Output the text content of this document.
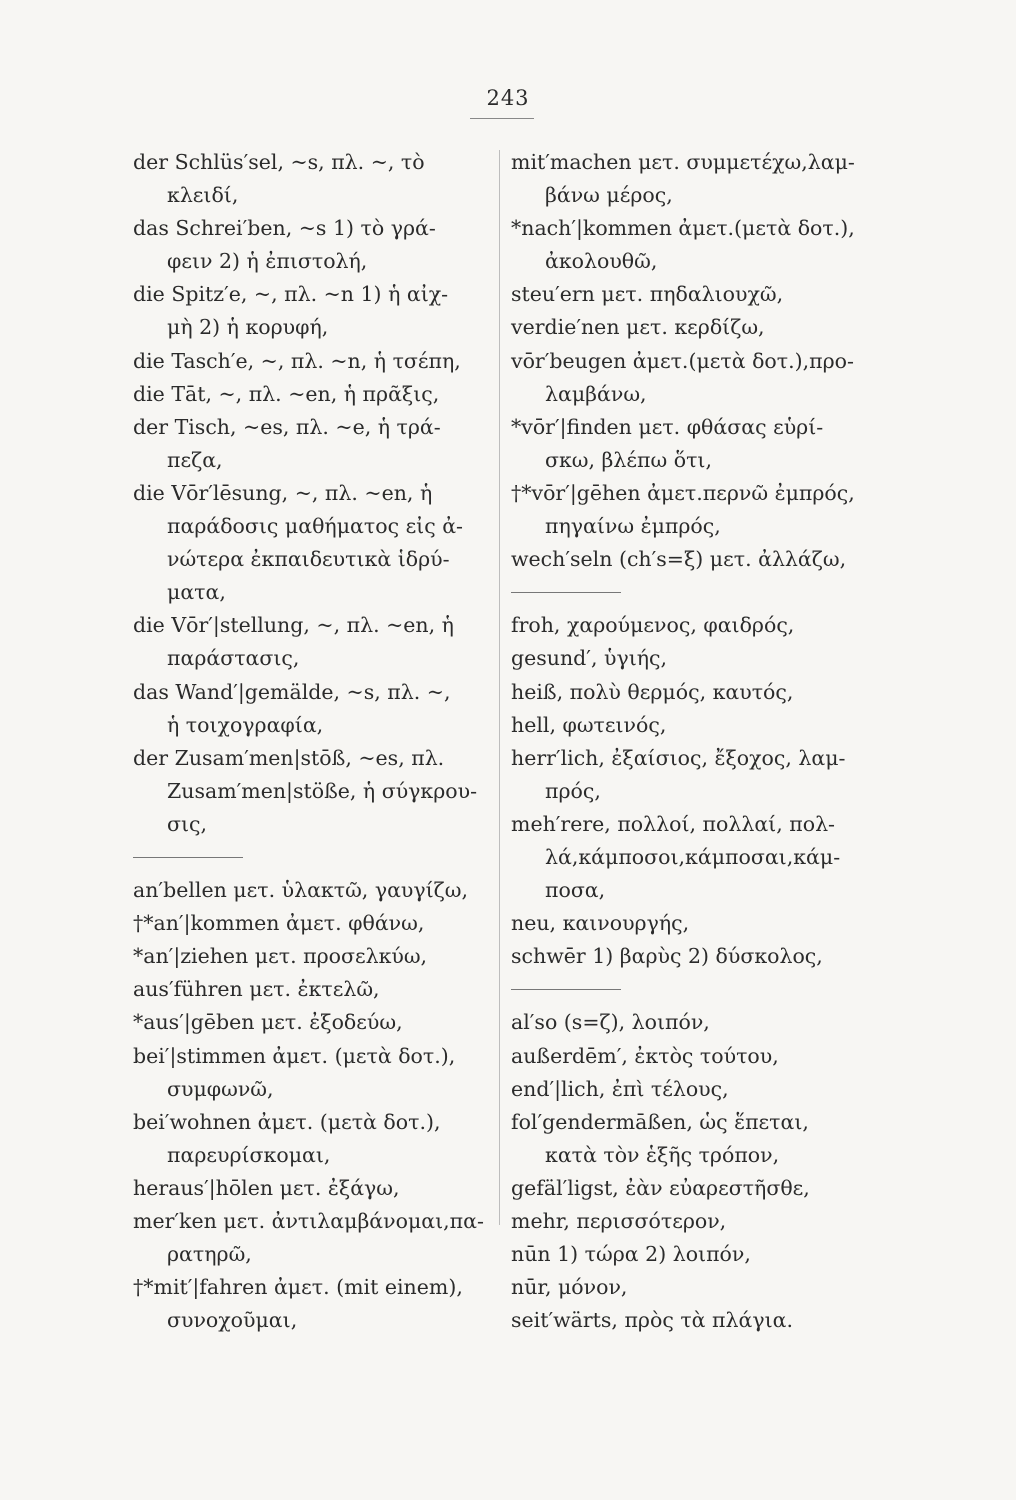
243
der Schlüs′sel, ~s, πλ. ~, τὸ
κλειδί,
das Schrei′ben, ~s 1) τὸ γρά-
φειν 2) ἡ ἐπιστολή,
die Spitz′e, ~, πλ. ~n 1) ἡ αἰχ-
μὴ 2) ἡ κορυφή,
die Tasch′e, ~, πλ. ~n, ἡ τσέπη,
die Tāt, ~, πλ. ~en, ἡ πρᾶξις,
der Tisch, ~es, πλ. ~e, ἡ τρά-
πεζα,
die Vōr′lēsung, ~, πλ. ~en, ἡ
παράδοσις μαθήματος εἰς ἀ-
νώτερα ἐκπαιδευτικὰ ἱδρύ-
ματα,
die Vōr′|stellung, ~, πλ. ~en, ἡ
παράστασις,
das Wand′|gemälde, ~s, πλ. ~,
ἡ τοιχογραφία,
der Zusam′men|stōß, ~es, πλ.
Zusam′men|stöße, ἡ σύγκρου-
σις,
an′bellen μετ. ὑλακτῶ, γαυγίζω,
†*an′|kommen ἀμετ. φθάνω,
*an′|ziehen μετ. προσελκύω,
aus′führen μετ. ἐκτελῶ,
*aus′|gēben μετ. ἐξοδεύω,
bei′|stimmen ἀμετ. (μετὰ δοτ.),
συμφωνῶ,
bei′wohnen ἀμετ. (μετὰ δοτ.),
παρευρίσκομαι,
heraus′|hōlen μετ. ἐξάγω,
mer′ken μετ. ἀντιλαμβάνομαι,πα-
ρατηρῶ,
†*mit′|fahren ἀμετ. (mit einem),
συνοχοῦμαι,
mit′machen μετ. συμμετέχω,λαμ-
βάνω μέρος,
*nach′|kommen ἀμετ.(μετὰ δοτ.),
ἀκολουθῶ,
steu′ern μετ. πηδαλιουχῶ,
verdie′nen μετ. κερδίζω,
vōr′beugen ἀμετ.(μετὰ δοτ.),προ-
λαμβάνω,
*vōr′|finden μετ. φθάσας εὑρί-
σκω, βλέπω ὅτι,
†*vōr′|gēhen ἀμετ.περνῶ ἐμπρός,
πηγαίνω ἐμπρός,
wech′seln (ch′s=ξ) μετ. ἀλλάζω,
froh, χαρούμενος, φαιδρός,
gesund′, ὑγιής,
heiß, πολὺ θερμός, καυτός,
hell, φωτεινός,
herr′lich, ἐξαίσιος, ἔξοχος, λαμ-
πρός,
meh′rere, πολλοί, πολλαί, πολ-
λά,κάμποσοι,κάμποσαι,κάμ-
ποσα,
neu, καινουργής,
schwēr 1) βαρὺς 2) δύσκολος,
al′so (s=ζ), λοιπόν,
außerdēm′, ἐκτὸς τούτου,
end′|lich, ἐπὶ τέλους,
fol′gendermāßen, ὡς ἕπεται,
κατὰ τὸν ἑξῆς τρόπον,
gefäl′ligst, ἐὰν εὐαρεστῆσθε,
mehr, περισσότερον,
nūn 1) τώρα 2) λοιπόν,
nūr, μόνον,
seit′wärts, πρὸς τὰ πλάγια.
